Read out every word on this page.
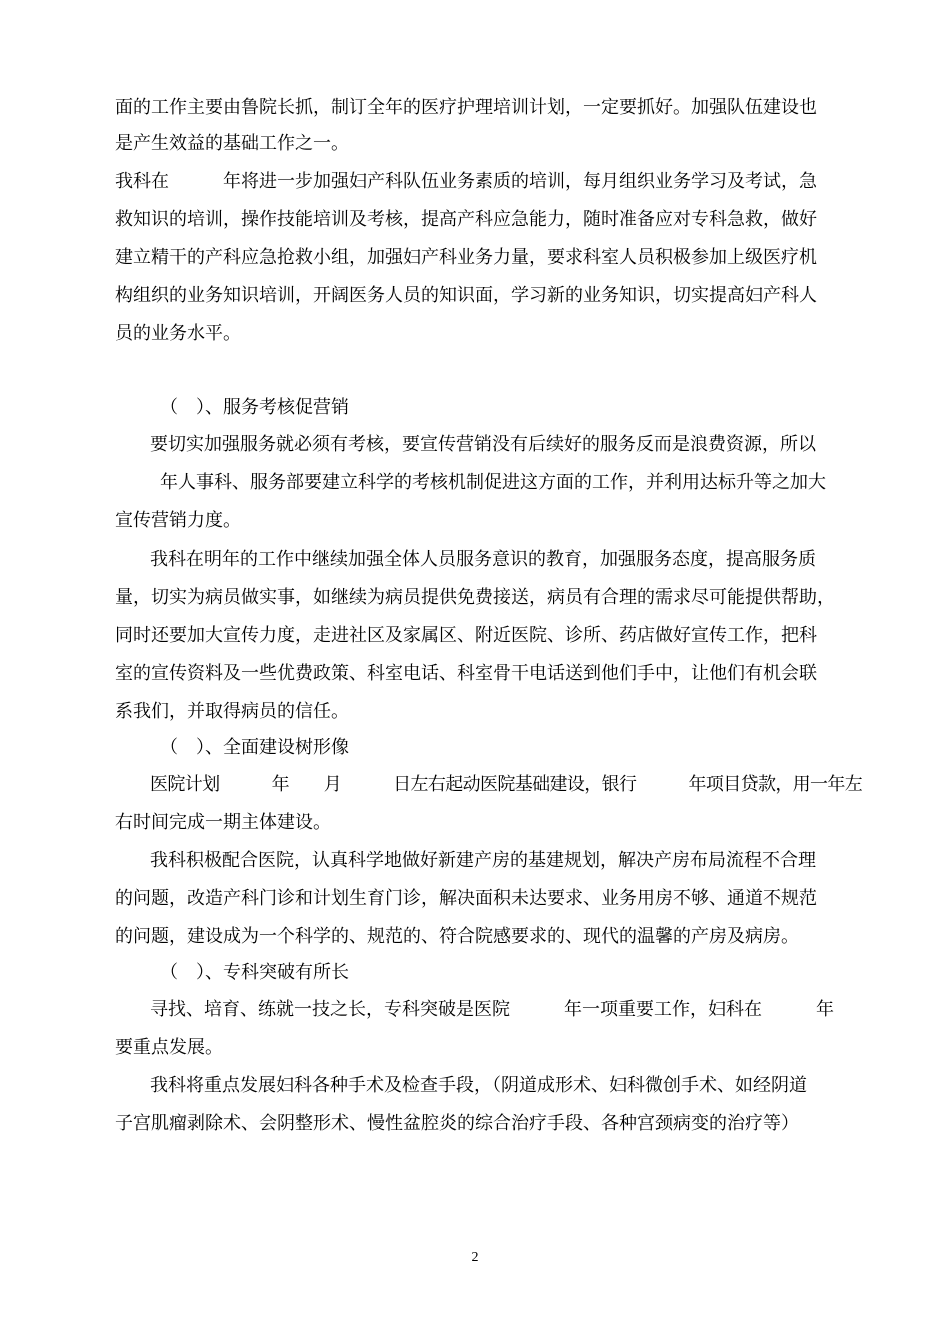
面的工作主要由鲁院长抓，制订全年的医疗护理培训计划，一定要抓好。加强队伍建设也
是产生效益的基础工作之一。
我科在　　　年将进一步加强妇产科队伍业务素质的培训，每月组织业务学习及考试，急
救知识的培训，操作技能培训及考核，提高产科应急能力，随时准备应对专科急救，做好
建立精干的产科应急抢救小组，加强妇产科业务力量，要求科室人员积极参加上级医疗机
构组织的业务知识培训，开阔医务人员的知识面，学习新的业务知识，切实提高妇产科人
员的业务水平。
（　）、服务考核促营销
要切实加强服务就必须有考核，要宣传营销没有后续好的服务反而是浪费资源，所以
年人事科、服务部要建立科学的考核机制促进这方面的工作，并利用达标升等之加大
宣传营销力度。
我科在明年的工作中继续加强全体人员服务意识的教育，加强服务态度，提高服务质
量，切实为病员做实事，如继续为病员提供免费接送，病员有合理的需求尽可能提供帮助，
同时还要加大宣传力度，走进社区及家属区、附近医院、诊所、药店做好宣传工作，把科
室的宣传资料及一些优费政策、科室电话、科室骨干电话送到他们手中，让他们有机会联
系我们，并取得病员的信任。
（　）、全面建设树形像
医院计划　　　年　　月　　　日左右起动医院基础建设，银行　　　年项目贷款，用一年左
右时间完成一期主体建设。
我科积极配合医院，认真科学地做好新建产房的基建规划，解决产房布局流程不合理
的问题，改造产科门诊和计划生育门诊，解决面积未达要求、业务用房不够、通道不规范
的问题，建设成为一个科学的、规范的、符合院感要求的、现代的温馨的产房及病房。
（　）、专科突破有所长
寻找、培育、练就一技之长，专科突破是医院　　　年一项重要工作，妇科在　　　年
要重点发展。
我科将重点发展妇科各种手术及检查手段，（阴道成形术、妇科微创手术、如经阴道
子宫肌瘤剥除术、会阴整形术、慢性盆腔炎的综合治疗手段、各种宫颈病变的治疗等）
2
